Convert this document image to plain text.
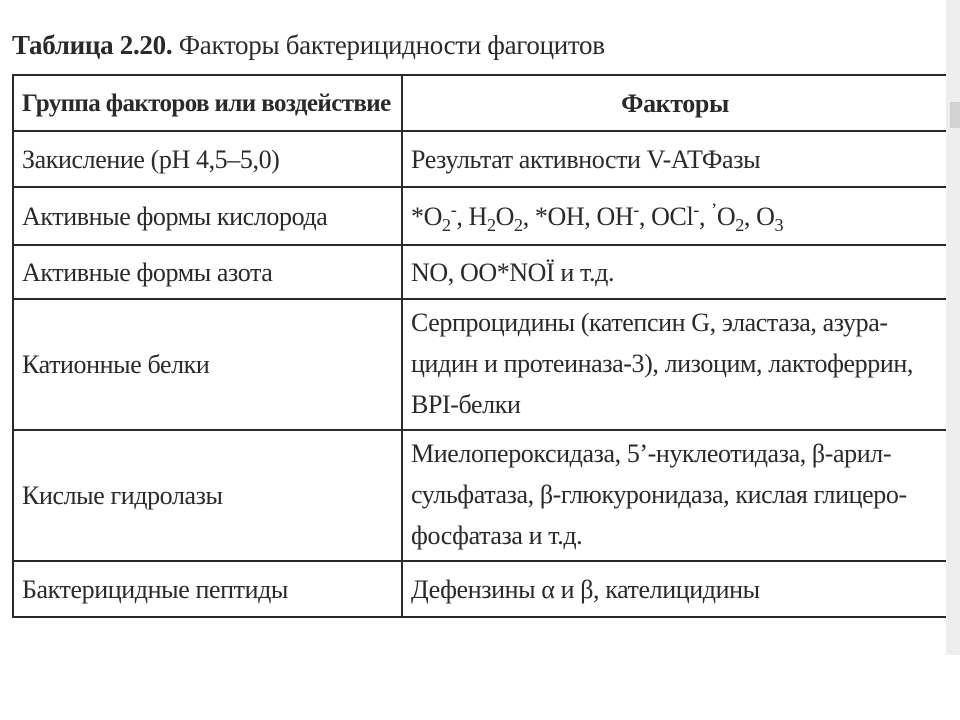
Таблица 2.20. Факторы бактерицидности фагоцитов
Группа факторов или воздействие	Факторы
Закисление (pH 4,5–5,0)	Результат активности V-АТФазы
Активные формы кислорода	$*O_2^-$, $H_2O_2$, *OH, OH-, OCl-, $^’O_2$, $O_3$
Активные формы азота	NO, OO*NOЇ и т.д.
Катионные белки	Серпроцидины (катепсин G, эластаза, азура-
цидин и протеиназа-3), лизоцим, лактоферрин,
BPI-белки

Кислые гидролазы	Миелопероксидаза, 5’-нуклеотидаза, β-арил-
сульфатаза, β-глюкуронидаза, кислая глицеро-
фосфатаза и т.д.

Бактерицидные пептиды	Дефензины α и β, кателицидины
